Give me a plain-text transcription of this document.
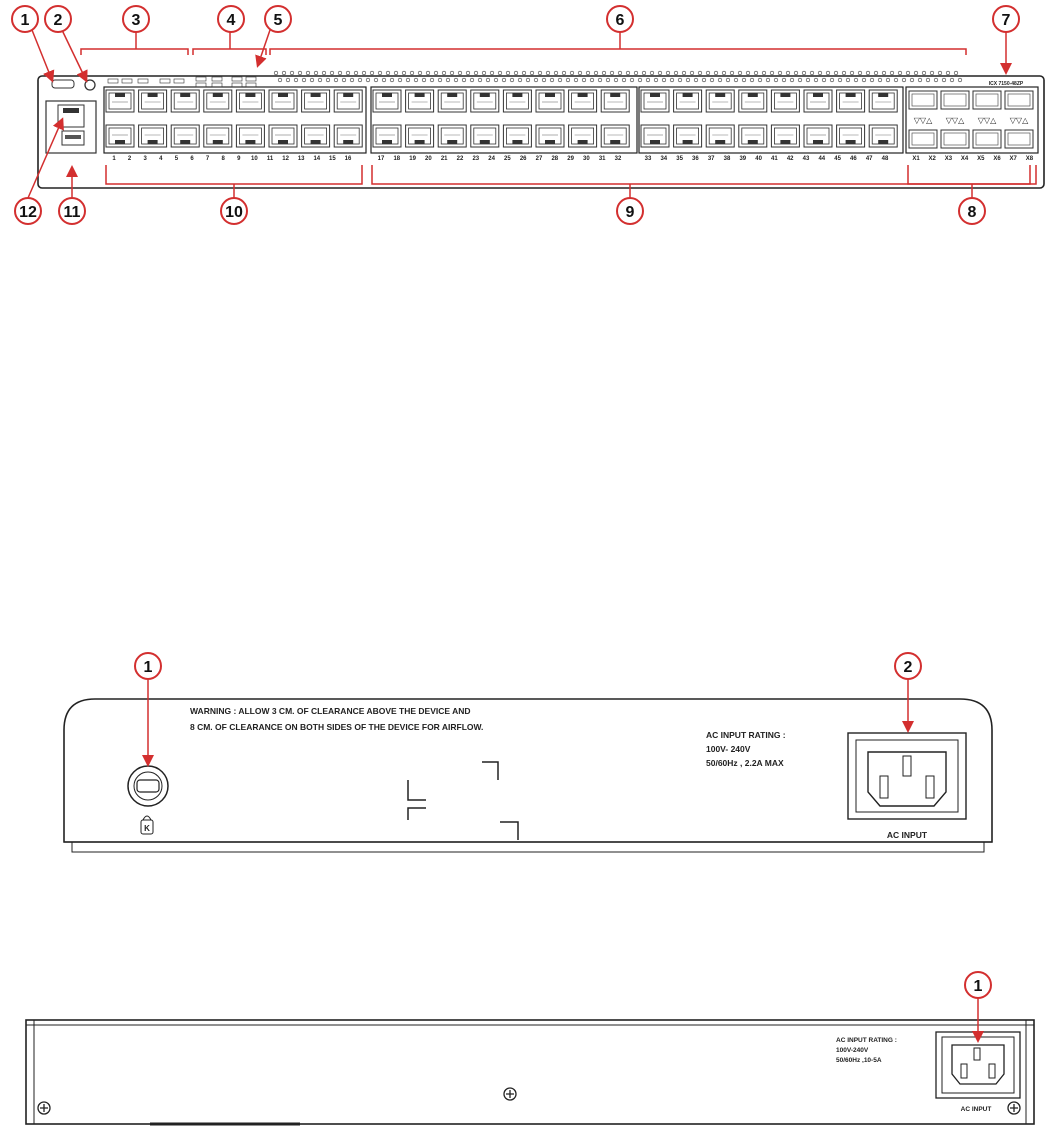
▽▽△ ▽▽△ ▽▽△ ▽▽△
ICX 7150-48ZP
1 2 3 4 5 6 7 8 9 10 11 12 13 14 15 16	17 18 19 20 21 22 23 24 25 26 27 28 29 30 31 32	33 34 35 36 37 38 39 40 41 42 43 44 45 46 47 48	X1 X2 X3 X4 X5 X6 X7 X8
1 2	3	4 5	6	7
8
9
10
11
12
K
WARNING : ALLOW 3 CM. OF CLEARANCE ABOVE THE DEVICE AND
8 CM. OF CLEARANCE ON BOTH SIDES OF THE DEVICE FOR AIRFLOW.
AC INPUT RATING :
100V- 240V
50/60Hz , 2.2A MAX
AC INPUT
1	2
AC INPUT RATING :
100V-240V
50/60Hz ,10-5A
AC INPUT
1
